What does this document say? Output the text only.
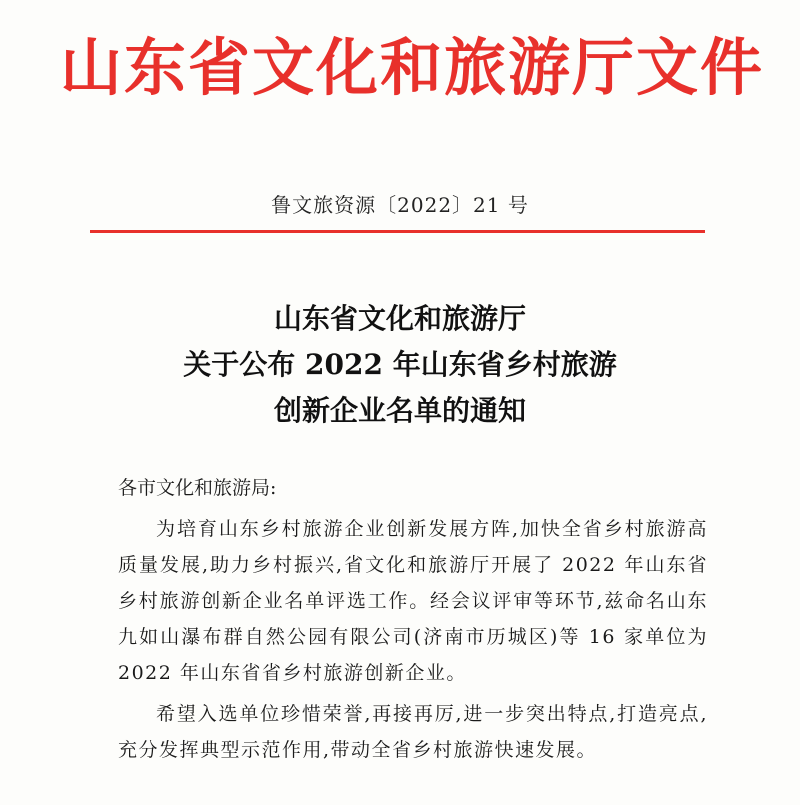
山东省文化和旅游厅文件
鲁文旅资源〔2022〕21 号
山东省文化和旅游厅
关于公布 2022 年山东省乡村旅游
创新企业名单的通知
各市文化和旅游局:

为培育山东乡村旅游企业创新发展方阵,加快全省乡村旅游高质量发展,助力乡村振兴,省文化和旅游厅开展了 2022 年山东省乡村旅游创新企业名单评选工作。经会议评审等环节,兹命名山东九如山瀑布群自然公园有限公司(济南市历城区)等 16 家单位为 2022 年山东省省乡村旅游创新企业。

希望入选单位珍惜荣誉,再接再厉,进一步突出特点,打造亮点,充分发挥典型示范作用,带动全省乡村旅游快速发展。
